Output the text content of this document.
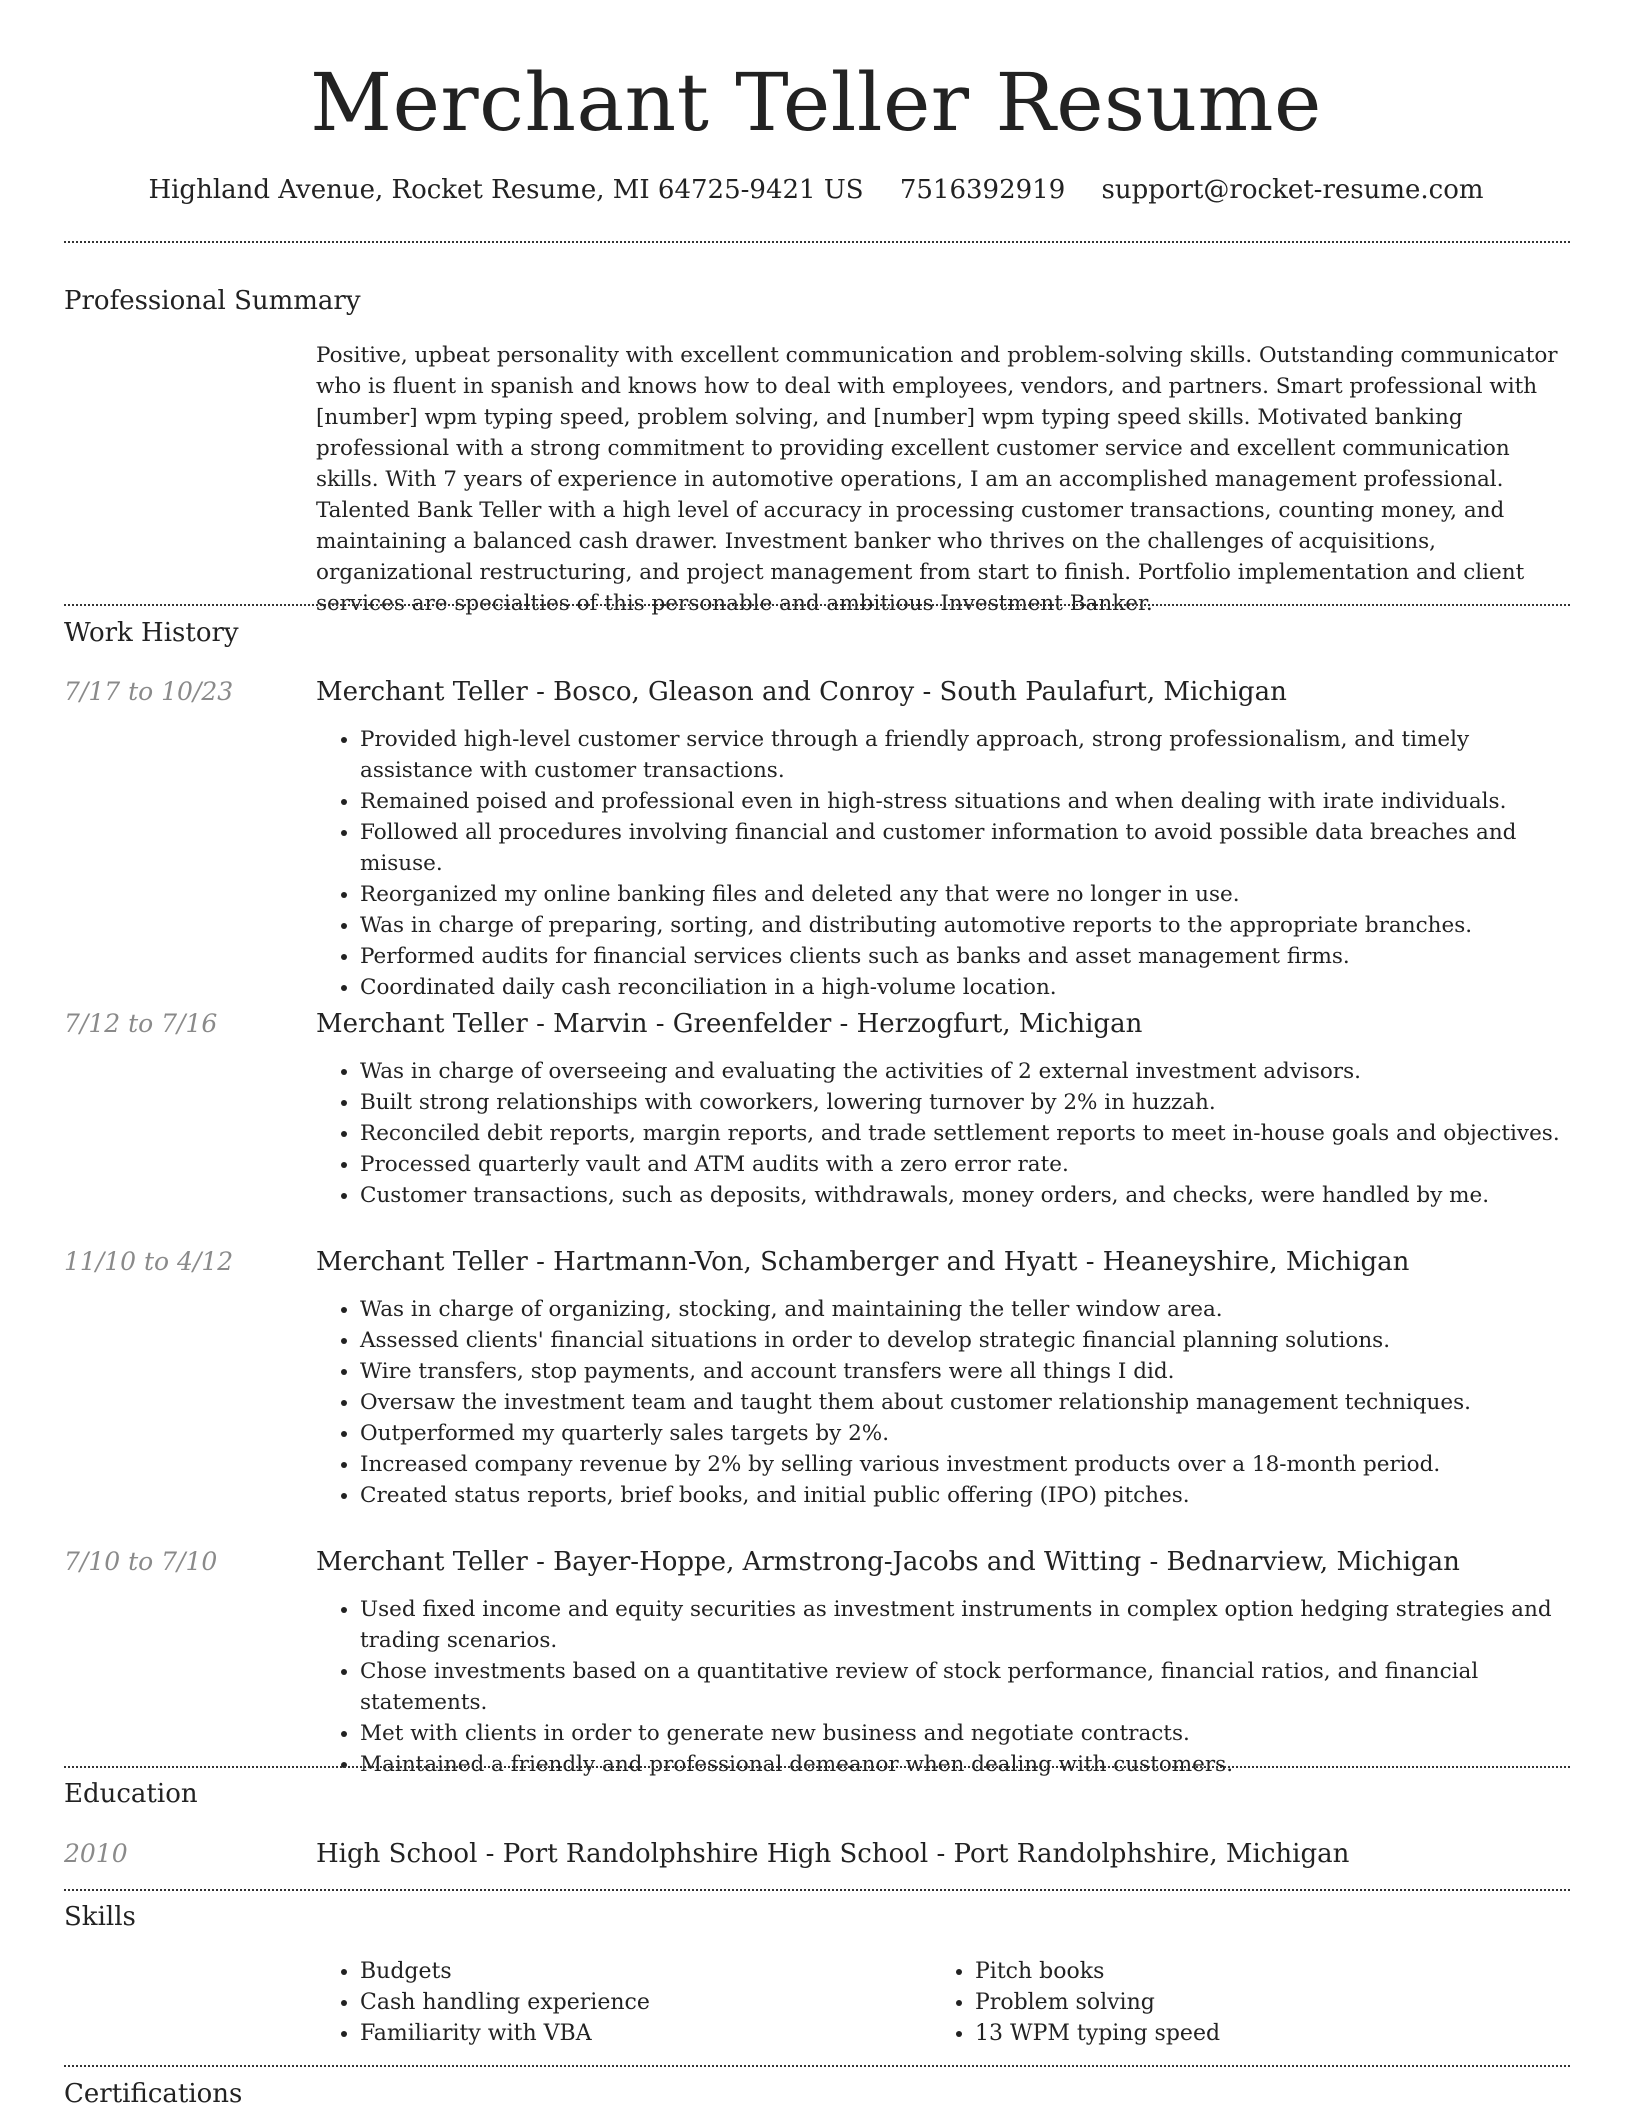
Merchant Teller Resume
Highland Avenue, Rocket Resume, MI 64725-9421 US 7516392919 support@rocket-resume.com
Professional Summary
Positive, upbeat personality with excellent communication and problem-solving skills. Outstanding communicator who is fluent in spanish and knows how to deal with employees, vendors, and partners. Smart professional with [number] wpm typing speed, problem solving, and [number] wpm typing speed skills. Motivated banking professional with a strong commitment to providing excellent customer service and excellent communication skills. With 7 years of experience in automotive operations, I am an accomplished management professional. Talented Bank Teller with a high level of accuracy in processing customer transactions, counting money, and maintaining a balanced cash drawer. Investment banker who thrives on the challenges of acquisitions, organizational restructuring, and project management from start to finish. Portfolio implementation and client services are specialties of this personable and ambitious Investment Banker.
Work History
7/17 to 10/23	Merchant Teller - Bosco, Gleason and Conroy - South Paulafurt, Michigan
• Provided high-level customer service through a friendly approach, strong professionalism, and timely assistance with customer transactions.
• Remained poised and professional even in high-stress situations and when dealing with irate individuals.
• Followed all procedures involving financial and customer information to avoid possible data breaches and misuse.
• Reorganized my online banking files and deleted any that were no longer in use.
• Was in charge of preparing, sorting, and distributing automotive reports to the appropriate branches.
• Performed audits for financial services clients such as banks and asset management firms.
• Coordinated daily cash reconciliation in a high-volume location.
7/12 to 7/16	Merchant Teller - Marvin - Greenfelder - Herzogfurt, Michigan
• Was in charge of overseeing and evaluating the activities of 2 external investment advisors.
• Built strong relationships with coworkers, lowering turnover by 2% in huzzah.
• Reconciled debit reports, margin reports, and trade settlement reports to meet in-house goals and objectives.
• Processed quarterly vault and ATM audits with a zero error rate.
• Customer transactions, such as deposits, withdrawals, money orders, and checks, were handled by me.
11/10 to 4/12	Merchant Teller - Hartmann-Von, Schamberger and Hyatt - Heaneyshire, Michigan
• Was in charge of organizing, stocking, and maintaining the teller window area.
• Assessed clients' financial situations in order to develop strategic financial planning solutions.
• Wire transfers, stop payments, and account transfers were all things I did.
• Oversaw the investment team and taught them about customer relationship management techniques.
• Outperformed my quarterly sales targets by 2%.
• Increased company revenue by 2% by selling various investment products over a 18-month period.
• Created status reports, brief books, and initial public offering (IPO) pitches.
7/10 to 7/10	Merchant Teller - Bayer-Hoppe, Armstrong-Jacobs and Witting - Bednarview, Michigan
• Used fixed income and equity securities as investment instruments in complex option hedging strategies and trading scenarios.
• Chose investments based on a quantitative review of stock performance, financial ratios, and financial statements.
• Met with clients in order to generate new business and negotiate contracts.
• Maintained a friendly and professional demeanor when dealing with customers.
Education
2010	High School - Port Randolphshire High School - Port Randolphshire, Michigan
Skills
• Budgets
• Cash handling experience
• Familiarity with VBA
• Pitch books
• Problem solving
• 13 WPM typing speed
Certifications
